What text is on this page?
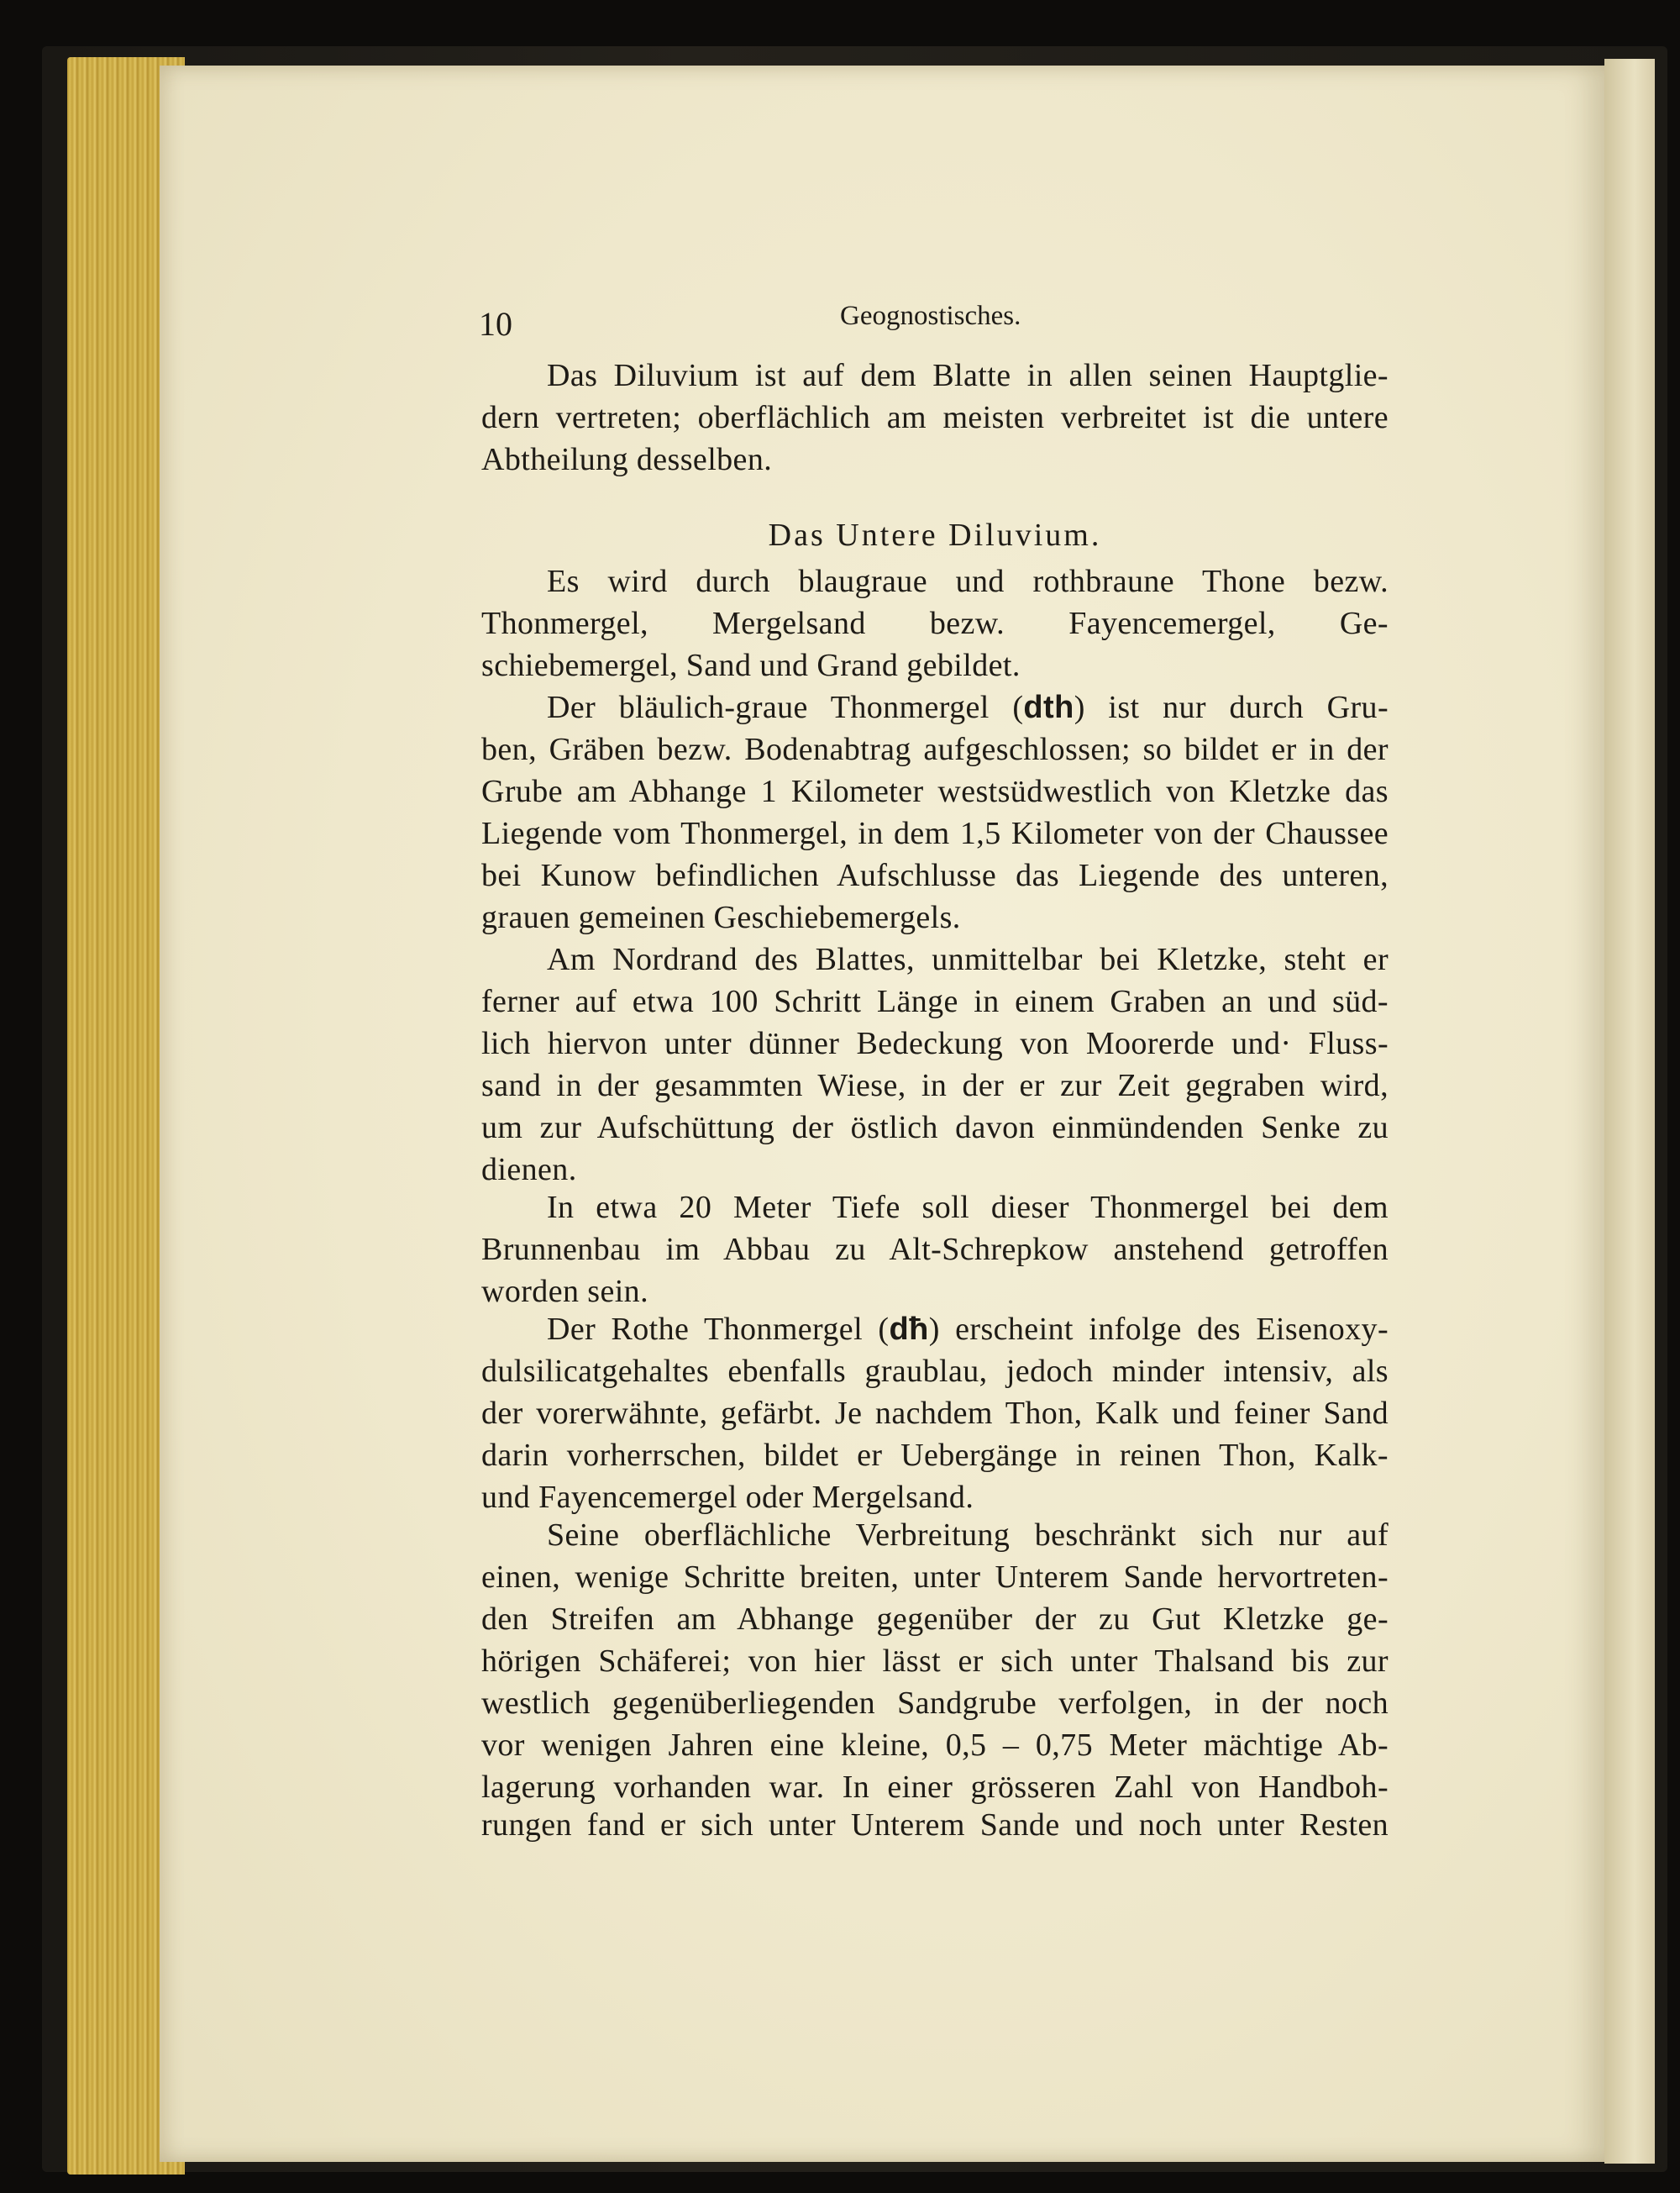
10	Geognostisches.

Das Diluvium ist auf dem Blatte in allen seinen Hauptglie-

dern vertreten; oberflächlich am meisten verbreitet ist die untere

Abtheilung desselben.

Das Untere Diluvium.

Es wird durch blaugraue und rothbraune Thone bezw.

Thonmergel, Mergelsand bezw. Fayencemergel, Ge-

schiebemergel, Sand und Grand gebildet.

Der bläulich-graue Thonmergel (dth) ist nur durch Gru-

ben, Gräben bezw. Bodenabtrag aufgeschlossen; so bildet er in der

Grube am Abhange 1 Kilometer westsüdwestlich von Kletzke das

Liegende vom Thonmergel, in dem 1,5 Kilometer von der Chaussee

bei Kunow befindlichen Aufschlusse das Liegende des unteren,

grauen gemeinen Geschiebemergels.

Am Nordrand des Blattes, unmittelbar bei Kletzke, steht er

ferner auf etwa 100 Schritt Länge in einem Graben an und süd-

lich hiervon unter dünner Bedeckung von Moorerde und· Fluss-

sand in der gesammten Wiese, in der er zur Zeit gegraben wird,

um zur Aufschüttung der östlich davon einmündenden Senke zu

dienen.

In etwa 20 Meter Tiefe soll dieser Thonmergel bei dem

Brunnenbau im Abbau zu Alt-Schrepkow anstehend getroffen

worden sein.

Der Rothe Thonmergel (dħ) erscheint infolge des Eisenoxy-

dulsilicatgehaltes ebenfalls graublau, jedoch minder intensiv, als

der vorerwähnte, gefärbt. Je nachdem Thon, Kalk und feiner Sand

darin vorherrschen, bildet er Uebergänge in reinen Thon, Kalk-

und Fayencemergel oder Mergelsand.

Seine oberflächliche Verbreitung beschränkt sich nur auf

einen, wenige Schritte breiten, unter Unterem Sande hervortreten-

den Streifen am Abhange gegenüber der zu Gut Kletzke ge-

hörigen Schäferei; von hier lässt er sich unter Thalsand bis zur

westlich gegenüberliegenden Sandgrube verfolgen, in der noch

vor wenigen Jahren eine kleine, 0,5 – 0,75 Meter mächtige Ab-

lagerung vorhanden war. In einer grösseren Zahl von Handboh-

rungen fand er sich unter Unterem Sande und noch unter Resten
